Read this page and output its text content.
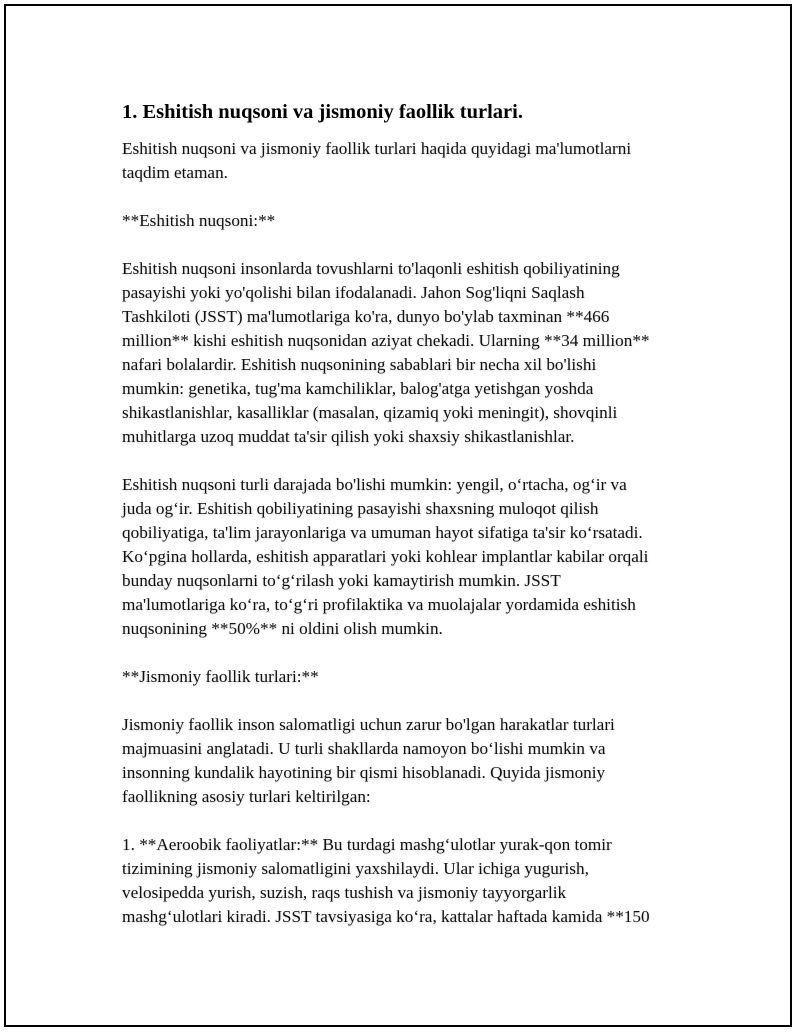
1. Eshitish nuqsoni va jismoniy faollik turlari.
Eshitish nuqsoni va jismoniy faollik turlari haqida quyidagi ma'lumotlarni
taqdim etaman.
**Eshitish nuqsoni:**
Eshitish nuqsoni insonlarda tovushlarni to'laqonli eshitish qobiliyatining
pasayishi yoki yo'qolishi bilan ifodalanadi. Jahon Sog'liqni Saqlash
Tashkiloti (JSST) ma'lumotlariga ko'ra, dunyo bo'ylab taxminan **466
million** kishi eshitish nuqsonidan aziyat chekadi. Ularning **34 million**
nafari bolalardir. Eshitish nuqsonining sabablari bir necha xil bo'lishi
mumkin: genetika, tug'ma kamchiliklar, balog'atga yetishgan yoshda
shikastlanishlar, kasalliklar (masalan, qizamiq yoki meningit), shovqinli
muhitlarga uzoq muddat ta'sir qilish yoki shaxsiy shikastlanishlar.
Eshitish nuqsoni turli darajada bo'lishi mumkin: yengil, oʻrtacha, ogʻir va
juda ogʻir. Eshitish qobiliyatining pasayishi shaxsning muloqot qilish
qobiliyatiga, ta'lim jarayonlariga va umuman hayot sifatiga ta'sir koʻrsatadi.
Koʻpgina hollarda, eshitish apparatlari yoki kohlear implantlar kabilar orqali
bunday nuqsonlarni toʻgʻrilash yoki kamaytirish mumkin. JSST
ma'lumotlariga koʻra, toʻgʻri profilaktika va muolajalar yordamida eshitish
nuqsonining **50%** ni oldini olish mumkin.
**Jismoniy faollik turlari:**
Jismoniy faollik inson salomatligi uchun zarur bo'lgan harakatlar turlari
majmuasini anglatadi. U turli shakllarda namoyon boʻlishi mumkin va
insonning kundalik hayotining bir qismi hisoblanadi. Quyida jismoniy
faollikning asosiy turlari keltirilgan:
1. **Aeroobik faoliyatlar:** Bu turdagi mashgʻulotlar yurak-qon tomir
tizimining jismoniy salomatligini yaxshilaydi. Ular ichiga yugurish,
velosipedda yurish, suzish, raqs tushish va jismoniy tayyorgarlik
mashgʻulotlari kiradi. JSST tavsiyasiga koʻra, kattalar haftada kamida **150
